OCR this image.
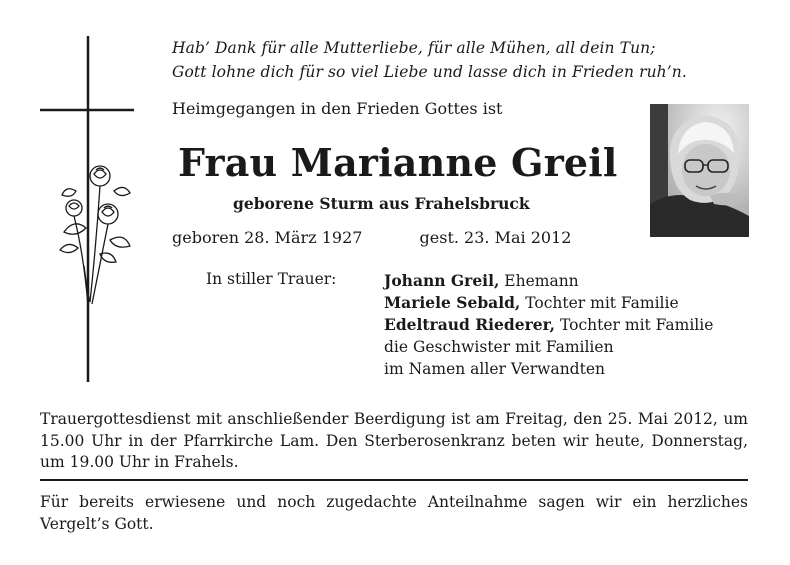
Hab’ Dank für alle Mutterliebe, für alle Mühen, all dein Tun;
Gott lohne dich für so viel Liebe und lasse dich in Frieden ruh’n.
Heimgegangen in den Frieden Gottes ist
Frau Marianne Greil
geborene Sturm aus Frahelsbruck
geboren 28. März 1927	gest. 23. Mai 2012
In stiller Trauer:	Johann Greil, Ehemann
Mariele Sebald, Tochter mit Familie
Edeltraud Riederer, Tochter mit Familie
die Geschwister mit Familien
im Namen aller Verwandten
Trauergottesdienst mit anschließender Beerdigung ist am Freitag, den 25. Mai 2012, um 15.00 Uhr in der Pfarrkirche Lam. Den Sterberosenkranz beten wir heute, Donnerstag, um 19.00 Uhr in Frahels.
Für bereits erwiesene und noch zugedachte Anteilnahme sagen wir ein herzliches Vergelt’s Gott.
